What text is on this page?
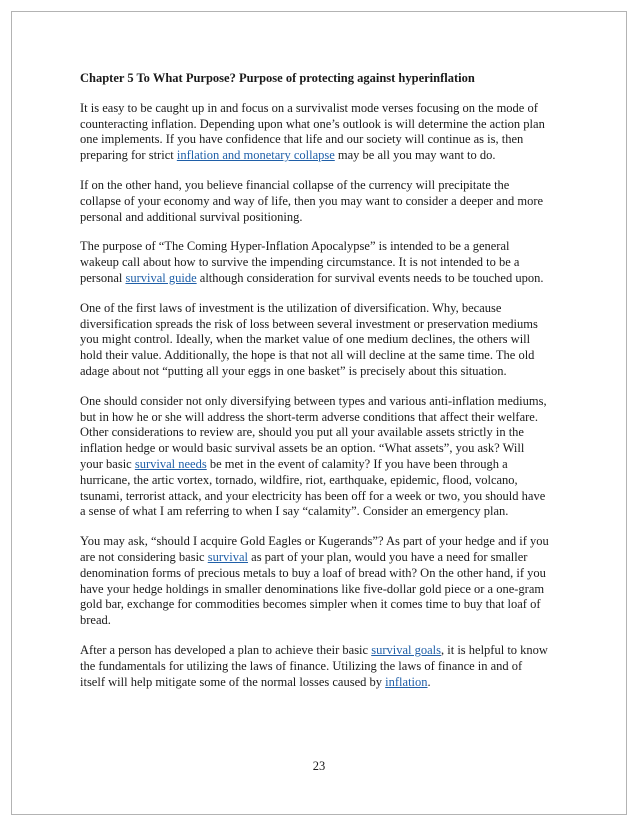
Chapter 5 To What Purpose? Purpose of protecting against hyperinflation

It is easy to be caught up in and focus on a survivalist mode verses focusing on the mode of counteracting inflation. Depending upon what one’s outlook is will determine the action plan one implements. If you have confidence that life and our society will continue as is, then preparing for strict inflation and monetary collapse may be all you may want to do.

If on the other hand, you believe financial collapse of the currency will precipitate the collapse of your economy and way of life, then you may want to consider a deeper and more personal and additional survival positioning.

The purpose of “The Coming Hyper-Inflation Apocalypse” is intended to be a general wakeup call about how to survive the impending circumstance. It is not intended to be a personal survival guide although consideration for survival events needs to be touched upon.

One of the first laws of investment is the utilization of diversification. Why, because diversification spreads the risk of loss between several investment or preservation mediums you might control. Ideally, when the market value of one medium declines, the others will hold their value. Additionally, the hope is that not all will decline at the same time. The old adage about not “putting all your eggs in one basket” is precisely about this situation.

One should consider not only diversifying between types and various anti-inflation mediums, but in how he or she will address the short-term adverse conditions that affect their welfare.

Other considerations to review are, should you put all your available assets strictly in the inflation hedge or would basic survival assets be an option. “What assets”, you ask? Will your basic survival needs be met in the event of calamity? If you have been through a hurricane, the artic vortex, tornado, wildfire, riot, earthquake, epidemic, flood, volcano, tsunami, terrorist attack, and your electricity has been off for a week or two, you should have a sense of what I am referring to when I say “calamity”. Consider an emergency plan.

You may ask, “should I acquire Gold Eagles or Kugerands”? As part of your hedge and if you are not considering basic survival as part of your plan, would you have a need for smaller denomination forms of precious metals to buy a loaf of bread with? On the other hand, if you have your hedge holdings in smaller denominations like five-dollar gold piece or a one-gram gold bar, exchange for commodities becomes simpler when it comes time to buy that loaf of bread.

After a person has developed a plan to achieve their basic survival goals, it is helpful to know the fundamentals for utilizing the laws of finance. Utilizing the laws of finance in and of itself will help mitigate some of the normal losses caused by inflation.

23
